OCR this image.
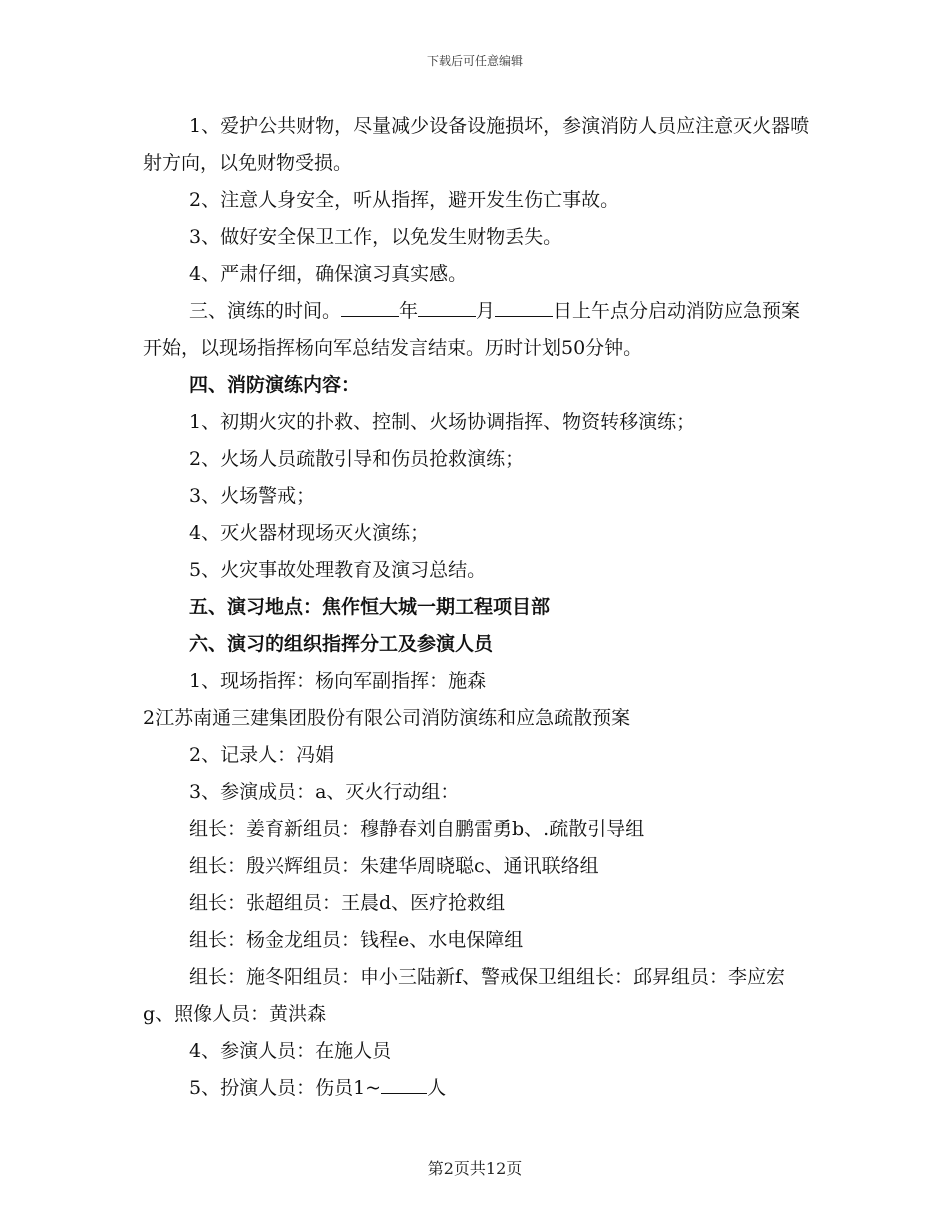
下载后可任意编辑

1、爱护公共财物，尽量减少设备设施损坏，参演消防人员应注意灭火器喷射方向，以免财物受损。

2、注意人身安全，听从指挥，避开发生伤亡事故。

3、做好安全保卫工作，以免发生财物丢失。

4、严肃仔细，确保演习真实感。

三、演练的时间。	年	月	日上午点分启动消防应急预案开始，以现场指挥杨向军总结发言结束。历时计划50分钟。

四、消防演练内容：

1、初期火灾的扑救、控制、火场协调指挥、物资转移演练；

2、火场人员疏散引导和伤员抢救演练；

3、火场警戒；

4、灭火器材现场灭火演练；

5、火灾事故处理教育及演习总结。

五、演习地点：焦作恒大城一期工程项目部

六、演习的组织指挥分工及参演人员

1、现场指挥：杨向军副指挥：施森

2江苏南通三建集团股份有限公司消防演练和应急疏散预案

2、记录人：冯娟

3、参演成员：a、灭火行动组：

组长：姜育新组员：穆静春刘自鹏雷勇b、.疏散引导组

组长：殷兴辉组员：朱建华周晓聪c、通讯联络组

组长：张超组员：王晨d、医疗抢救组

组长：杨金龙组员：钱程e、水电保障组

组长：施冬阳组员：申小三陆新f、警戒保卫组组长：邱昇组员：李应宏g、照像人员：黄洪森

4、参演人员：在施人员

5、扮演人员：伤员1~ 人

第2页共12页
